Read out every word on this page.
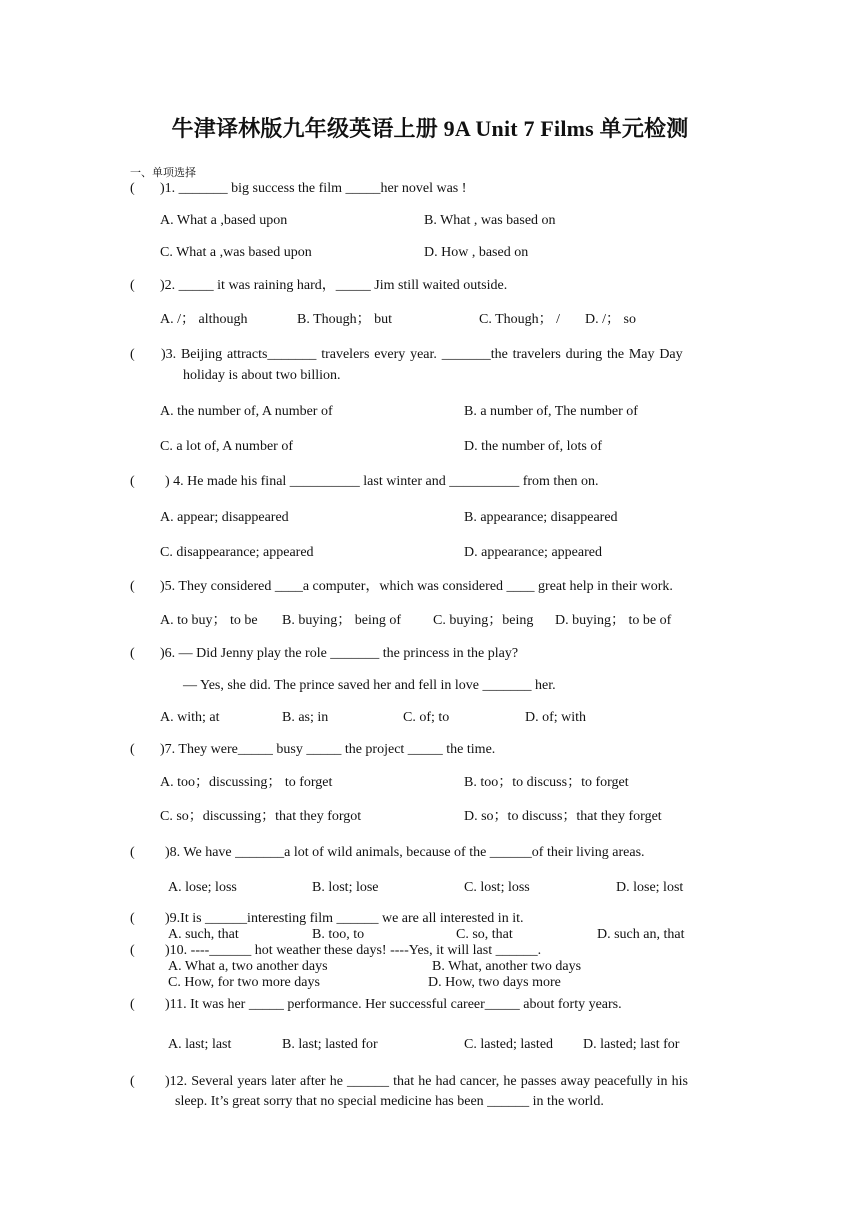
牛津译林版九年级英语上册 9A Unit 7 Films 单元检测
一、单项选择
( )1. _______ big success the film _____her novel was !
A. What a ,based upon	B. What , was based on
C. What a ,was based upon	D. How , based on
( )2. _____ it was raining hard，_____ Jim still waited outside.
A. /； although	B. Though； but	C. Though； / D. /； so
( )3. Beijing attracts_______ travelers every year. _______the travelers during the May Day
holiday is about two billion.
A. the number of, A number of	B. a number of, The number of
C. a lot of, A number of	D. the number of, lots of
( ) 4. He made his final __________ last winter and __________ from then on.
A. appear; disappeared	B. appearance; disappeared
C. disappearance; appeared	D. appearance; appeared
( )5. They considered ____a computer，which was considered ____ great help in their work.
A. to buy； to be B. buying； being of C. buying；being D. buying； to be of
( )6. — Did Jenny play the role _______ the princess in the play?
— Yes, she did. The prince saved her and fell in love _______ her.
A. with; at	B. as; in	C. of; to	D. of; with
( )7. They were_____ busy _____ the project _____ the time.
A. too；discussing； to forget	B. too；to discuss；to forget
C. so；discussing；that they forgot	D. so；to discuss；that they forget
( )8. We have _______a lot of wild animals, because of the ______of their living areas.
A. lose; loss	B. lost; lose	C. lost; loss	D. lose; lost
( )9.It is ______interesting film ______ we are all interested in it.
A. such, that	B. too, to	C. so, that	D. such an, that
( )10. ----______ hot weather these days! ----Yes, it will last ______.
A. What a, two another days	B. What, another two days
C. How, for two more days	D. How, two days more
( )11. It was her _____ performance. Her successful career_____ about forty years.
A. last; last	B. last; lasted for	C. lasted; lasted D. lasted; last for
( )12. Several years later after he ______ that he had cancer, he passes away peacefully in his
sleep. It’s great sorry that no special medicine has been ______ in the world.
